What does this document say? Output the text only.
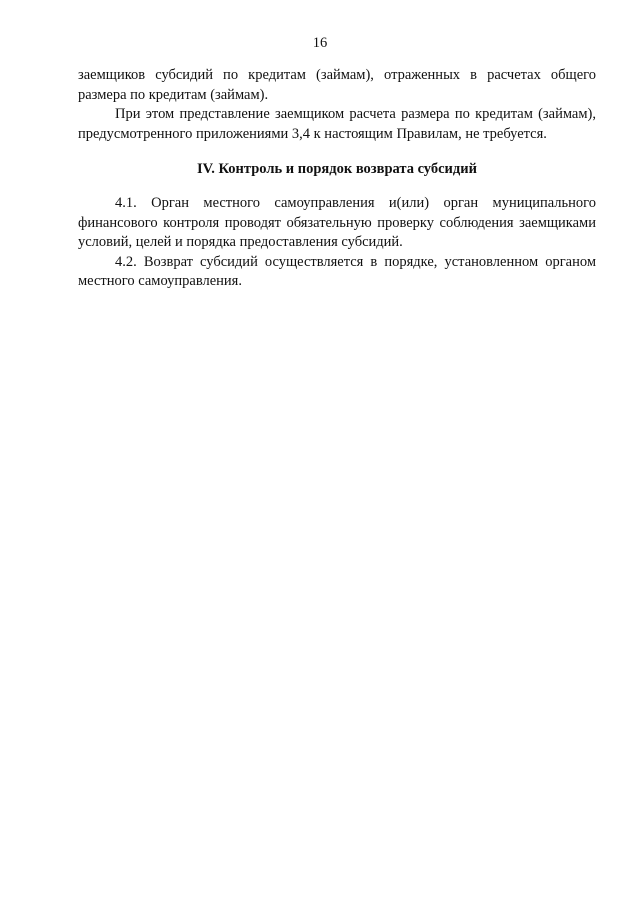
16

заемщиков субсидий по кредитам (займам), отраженных в расчетах общего размера по кредитам (займам).

При этом представление заемщиком расчета размера по кредитам (займам), предусмотренного приложениями 3,4 к настоящим Правилам, не требуется.

IV. Контроль и порядок возврата субсидий

4.1. Орган местного самоуправления и(или) орган муниципального финансового контроля проводят обязательную проверку соблюдения заемщиками условий, целей и порядка предоставления субсидий.

4.2. Возврат субсидий осуществляется в порядке, установленном органом местного самоуправления.
